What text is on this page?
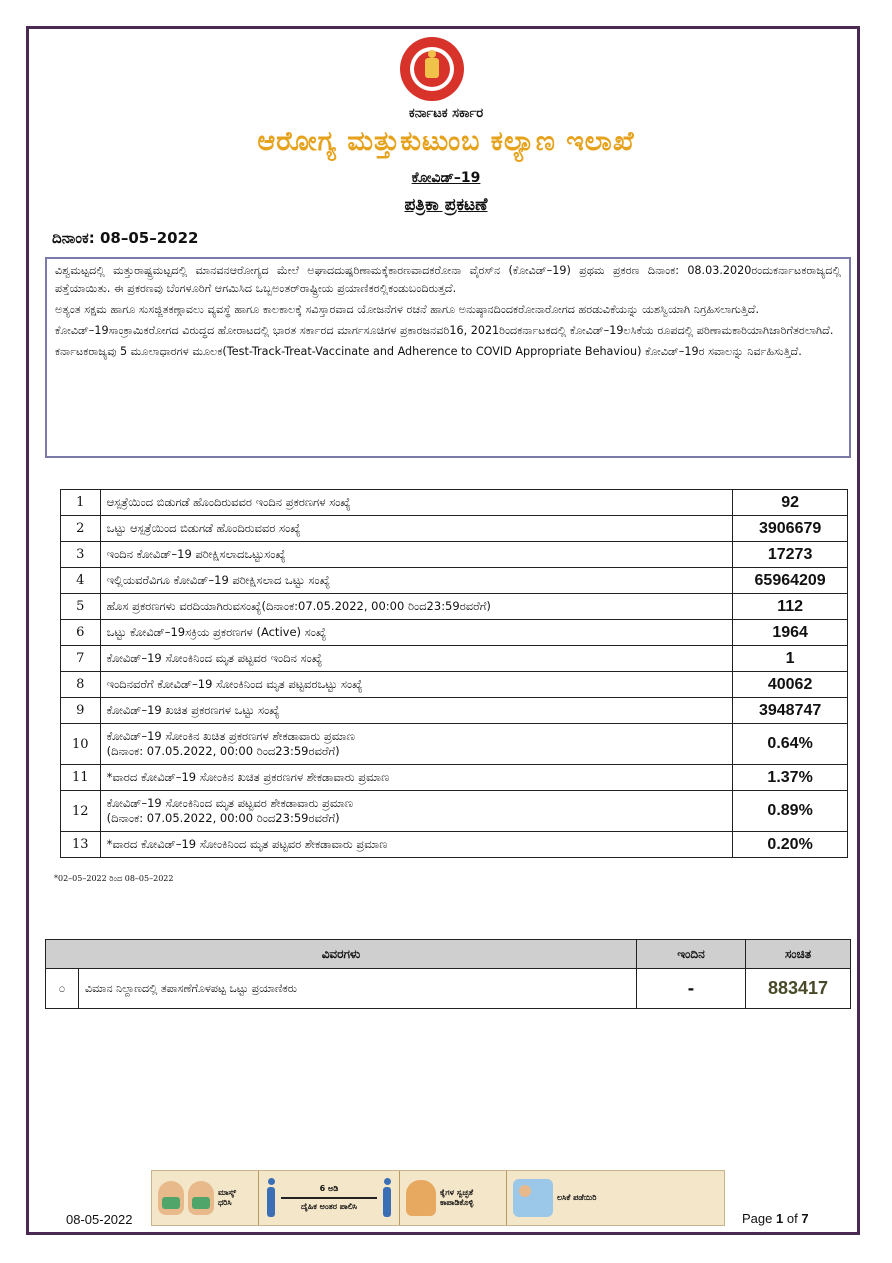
ಕರ್ನಾಟಕ ಸರ್ಕಾರ
ಆರೋಗ್ಯ ಮತ್ತುಕುಟುಂಬ ಕಲ್ಯಾಣ ಇಲಾಖೆ
ಕೋವಿಡ್–19
ಪತ್ರಿಕಾ ಪ್ರಕಟಣೆ
ದಿನಾಂಕ: 08–05–2022

ವಿಶ್ವಮಟ್ಟದಲ್ಲಿ ಮತ್ತುರಾಷ್ಟ್ರಮಟ್ಟದಲ್ಲಿ ಮಾನವನಆರೋಗ್ಯದ ಮೇಲೆ ಅಘಾದದುಷ್ಪರಿಣಾಮಕ್ಕೆಕಾರಣವಾದಕರೋನಾ ವೈರಸ್‌ನ (ಕೋವಿಡ್–19) ಪ್ರಥಮ ಪ್ರಕರಣ ದಿನಾಂಕ: 08.03.2020ರಂದುಕರ್ನಾಟಕರಾಜ್ಯದಲ್ಲಿ ಪತ್ತೆಯಾಯಿತು. ಈ ಪ್ರಕರಣವು ಬೆಂಗಳೂರಿಗೆ ಆಗಮಿಸಿದ ಒಬ್ಬಅಂತರ್‌ರಾಷ್ಟ್ರೀಯ ಪ್ರಯಾಣಿಕರಲ್ಲಿಕಂಡುಬಂದಿರುತ್ತದೆ.

ಅತ್ಯಂತ ಸಕ್ಷಮ ಹಾಗೂ ಸುಸಜ್ಜಿತಕಣ್ಗಾವಲು ವ್ಯವಸ್ಥೆ ಹಾಗೂ ಕಾಲಕಾಲಕ್ಕೆ ಸವಿಸ್ತಾರವಾದ ಯೋಜನೆಗಳ ರಚನೆ ಹಾಗೂ ಅನುಷ್ಠಾನದಿಂದಕರೋನಾರೋಗದ ಹರಡುವಿಕೆಯನ್ನು ಯಶಸ್ವಿಯಾಗಿ ನಿಗ್ರಹಿಸಲಾಗುತ್ತಿದೆ.

ಕೋವಿಡ್–19ಸಾಂಕ್ರಾಮಿಕರೋಗದ ವಿರುದ್ಧದ ಹೋರಾಟದಲ್ಲಿ ಭಾರತ ಸರ್ಕಾರದ ಮಾರ್ಗಸೂಚಿಗಳ ಪ್ರಕಾರಜನವರಿ16, 2021ರಿಂದಕರ್ನಾಟಕದಲ್ಲಿ ಕೋವಿಡ್–19ಲಸಿಕೆಯ ರೂಪದಲ್ಲಿ ಪರಿಣಾಮಕಾರಿಯಾಗಿಜಾರಿಗೆತರಲಾಗಿದೆ.

ಕರ್ನಾಟಕರಾಜ್ಯವು 5 ಮೂಲಾಧಾರಗಳ ಮೂಲಕ(Test-Track-Treat-Vaccinate and Adherence to COVID Appropriate Behaviou) ಕೋವಿಡ್–19ರ ಸವಾಲನ್ನು ನಿರ್ವಹಿಸುತ್ತಿದೆ.

1	ಆಸ್ಪತ್ರೆಯಿಂದ ಬಿಡುಗಡೆ ಹೊಂದಿರುವವರ ಇಂದಿನ ಪ್ರಕರಣಗಳ ಸಂಖ್ಯೆ	92
2	ಒಟ್ಟು ಆಸ್ಪತ್ರೆಯಿಂದ ಬಿಡುಗಡೆ ಹೊಂದಿರುವವರ ಸಂಖ್ಯೆ	3906679
3	ಇಂದಿನ ಕೋವಿಡ್–19 ಪರೀಕ್ಷಿಸಲಾದಒಟ್ಟುಸಂಖ್ಯೆ	17273
4	ಇಲ್ಲಿಯವರೆವಿಗೂ ಕೋವಿಡ್–19 ಪರೀಕ್ಷಿಸಲಾದ ಒಟ್ಟು ಸಂಖ್ಯೆ	65964209
5	ಹೊಸ ಪ್ರಕರಣಗಳು ವರದಿಯಾಗಿರುವಸಂಖ್ಯೆ(ದಿನಾಂಕ:07.05.2022, 00:00 ರಿಂದ23:59ರವರೆಗೆ)	112
6	ಒಟ್ಟು ಕೋವಿಡ್–19ಸಕ್ರಿಯ ಪ್ರಕರಣಗಳ (Active) ಸಂಖ್ಯೆ	1964
7	ಕೋವಿಡ್–19 ಸೋಂಕಿನಿಂದ ಮೃತ ಪಟ್ಟವರ ಇಂದಿನ ಸಂಖ್ಯೆ	1
8	ಇಂದಿನವರೆಗೆ ಕೋವಿಡ್–19 ಸೋಂಕಿನಿಂದ ಮೃತ ಪಟ್ಟವರಒಟ್ಟು ಸಂಖ್ಯೆ	40062
9	ಕೋವಿಡ್–19 ಖಚಿತ ಪ್ರಕರಣಗಳ ಒಟ್ಟು ಸಂಖ್ಯೆ	3948747
10	ಕೋವಿಡ್–19 ಸೋಂಕಿನ ಖಚಿತ ಪ್ರಕರಣಗಳ ಶೇಕಡಾವಾರು ಪ್ರಮಾಣ
(ದಿನಾಂಕ: 07.05.2022, 00:00 ರಿಂದ23:59ರವರೆಗೆ)	0.64%
11	*ವಾರದ ಕೋವಿಡ್–19 ಸೋಂಕಿನ ಖಚಿತ ಪ್ರಕರಣಗಳ ಶೇಕಡಾವಾರು ಪ್ರಮಾಣ	1.37%
12	ಕೋವಿಡ್–19 ಸೋಂಕಿನಿಂದ ಮೃತ ಪಟ್ಟವರ ಶೇಕಡಾವಾರು ಪ್ರಮಾಣ
(ದಿನಾಂಕ: 07.05.2022, 00:00 ರಿಂದ23:59ರವರೆಗೆ)	0.89%
13	*ವಾರದ ಕೋವಿಡ್–19 ಸೋಂಕಿನಿಂದ ಮೃತ ಪಟ್ಟವರ ಶೇಕಡಾವಾರು ಪ್ರಮಾಣ	0.20%
*02–05–2022 ರಿಂದ 08–05–2022
ವಿವರಗಳು		ಇಂದಿನ	ಸಂಚಿತ
೦	ವಿಮಾನ ನಿಲ್ದಾಣದಲ್ಲಿ ತಪಾಸಣೆಗೊಳಪಟ್ಟ ಒಟ್ಟು ಪ್ರಯಾಣಿಕರು	-	883417
ಮಾಸ್ಕ್ ಧರಿಸಿ
6 ಅಡಿ
ದೈಹಿಕ ಅಂತರ ಪಾಲಿಸಿ
ಕೈಗಳ ಸ್ವಚ್ಛತೆ ಕಾಪಾಡಿಕೊಳ್ಳಿ
ಲಸಿಕೆ ಪಡೆಯಿರಿ
08-05-2022	Page 1 of 7
